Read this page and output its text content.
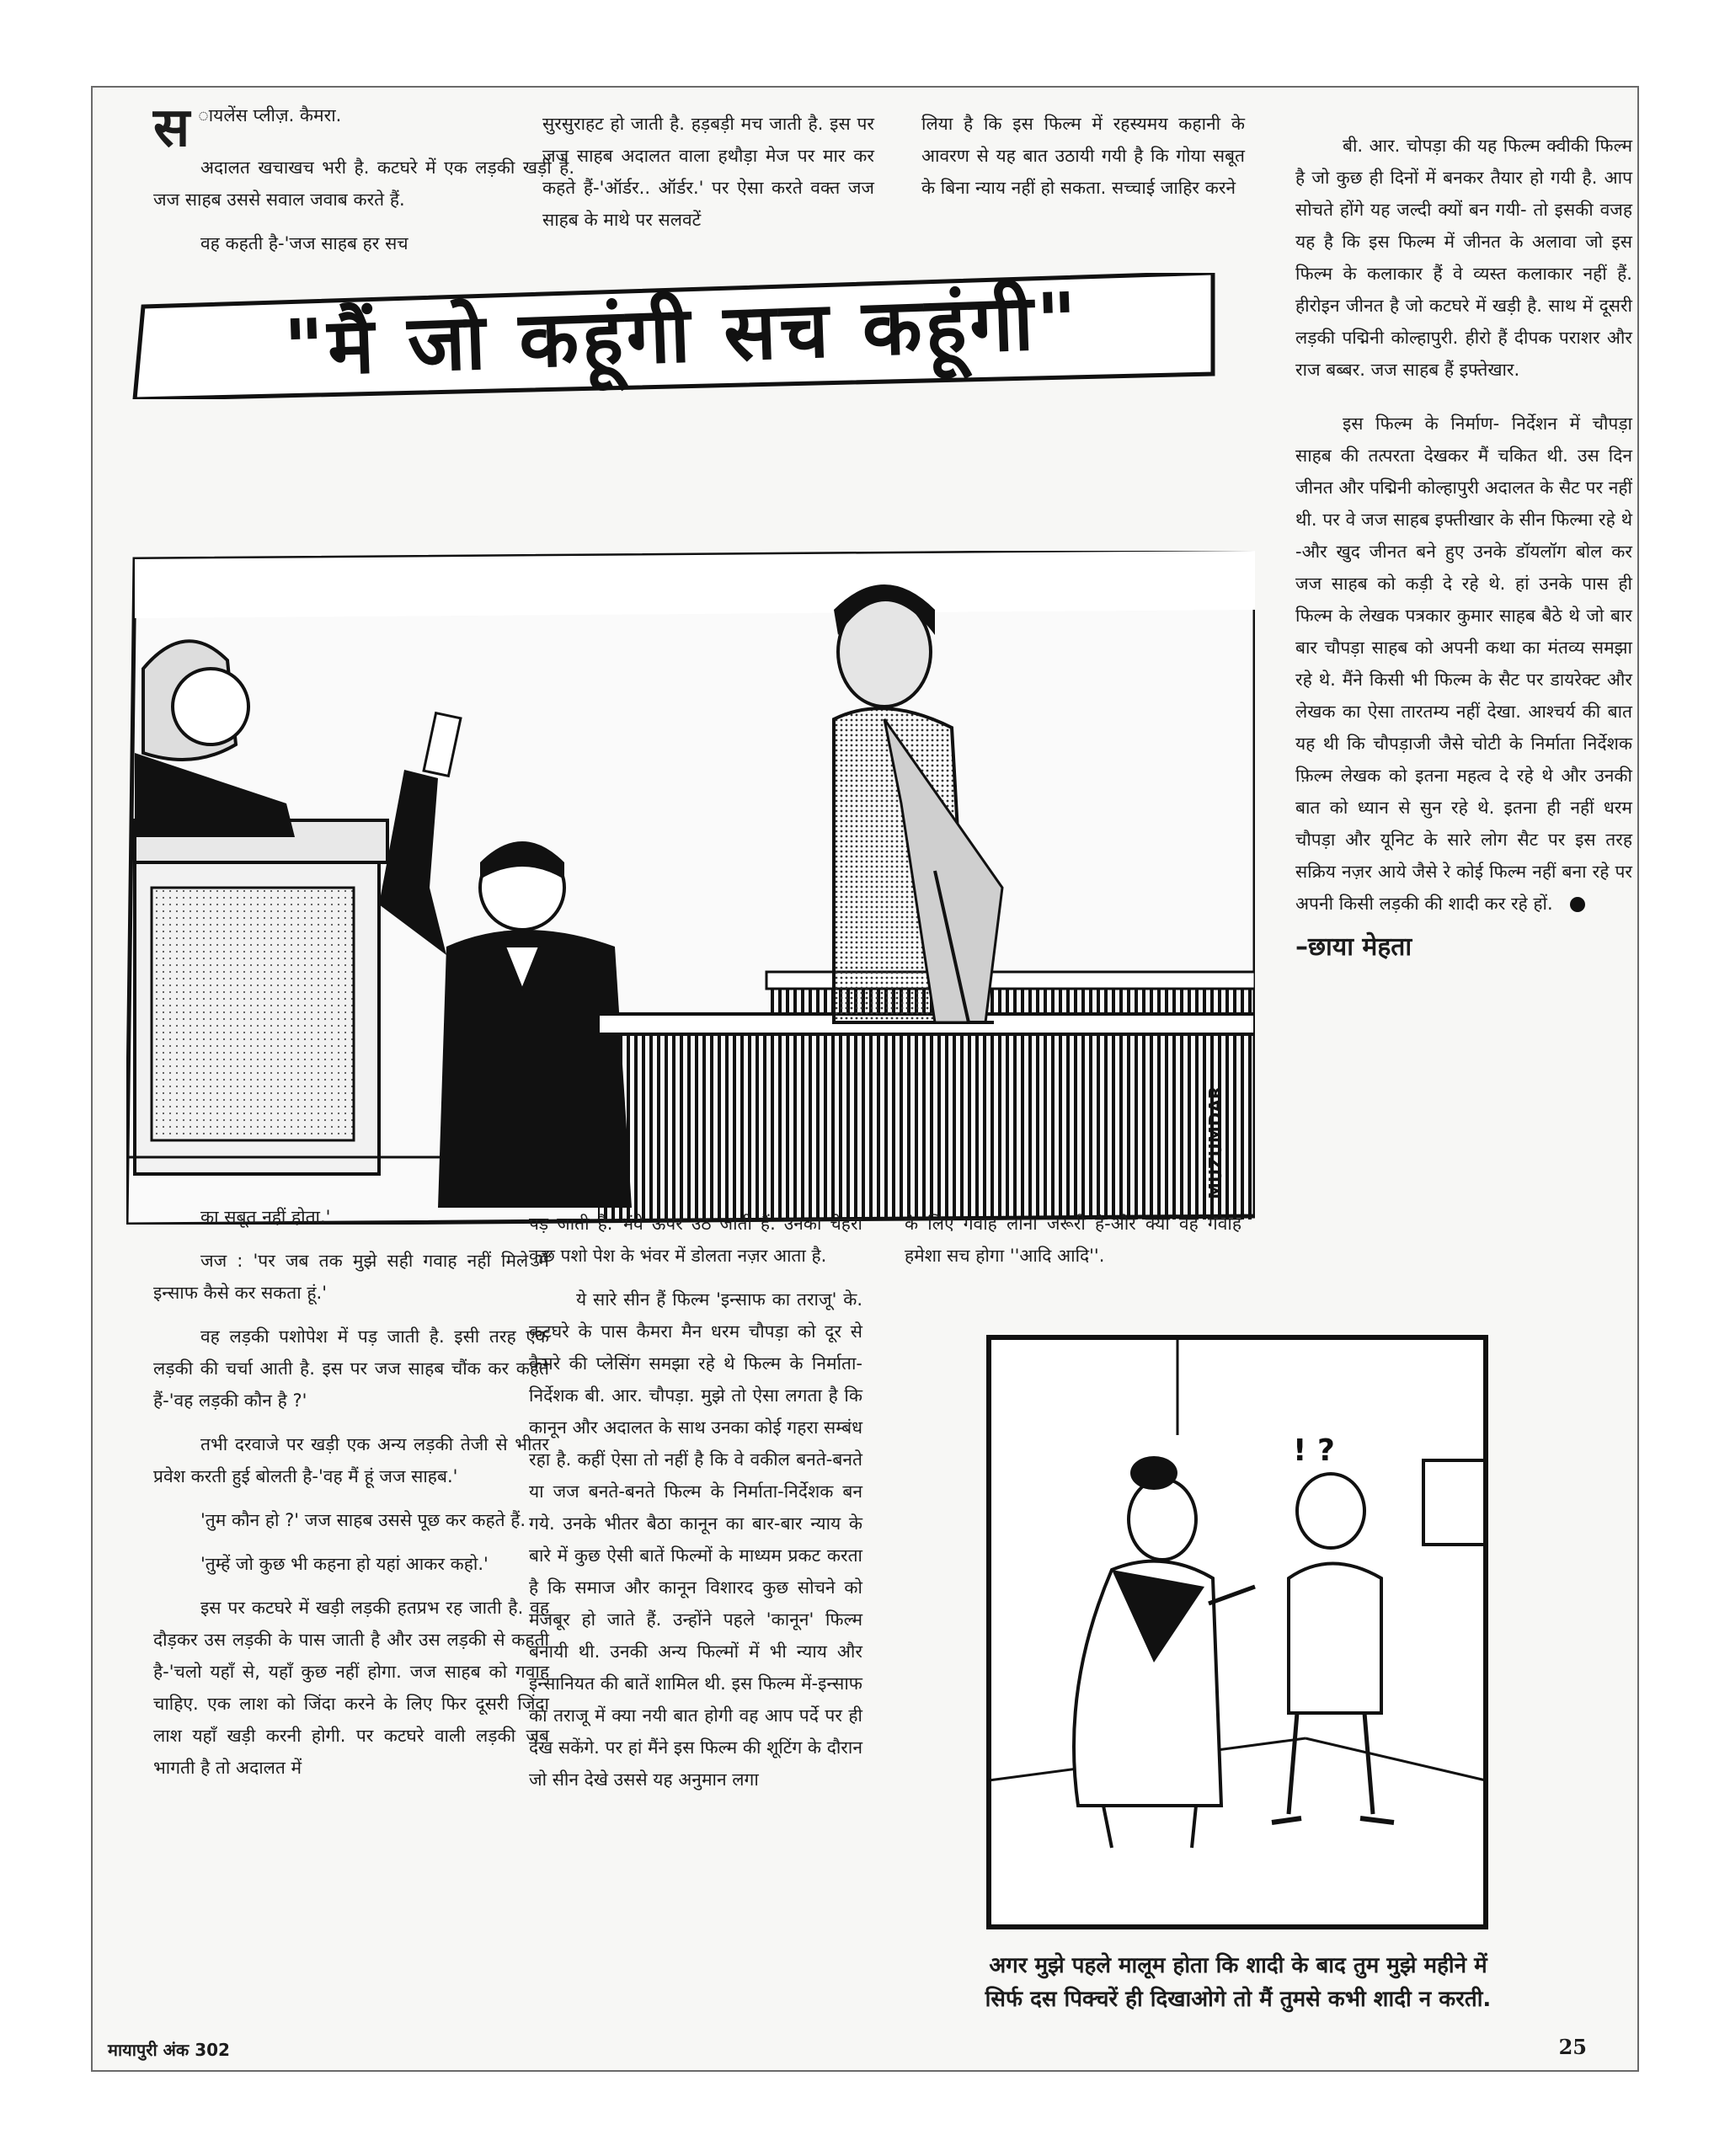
स ायलेंस प्लीज़. कैमरा.

अदालत खचाखच भरी है. कटघरे में एक लड़की खड़ी है. जज साहब उससे सवाल जवाब करते हैं.

वह कहती है-'जज साहब हर सच

सुरसुराहट हो जाती है. हड़बड़ी मच जाती है. इस पर जज साहब अदालत वाला हथौड़ा मेज पर मार कर कहते हैं-'ऑर्डर.. ऑर्डर.' पर ऐसा करते वक्त जज साहब के माथे पर सलवटें

लिया है कि इस फिल्म में रहस्यमय कहानी के आवरण से यह बात उठायी गयी है कि गोया सबूत के बिना न्याय नहीं हो सकता. सच्चाई जाहिर करने

"मैं जो कहूंगी सच कहूंगी"
MUZUMDAR

बी. आर. चोपड़ा की यह फिल्म क्वीकी फिल्म है जो कुछ ही दिनों में बनकर तैयार हो गयी है. आप सोचते होंगे यह जल्दी क्यों बन गयी- तो इसकी वजह यह है कि इस फिल्म में जीनत के अलावा जो इस फिल्म के कलाकार हैं वे व्यस्त कलाकार नहीं हैं. हीरोइन जीनत है जो कटघरे में खड़ी है. साथ में दूसरी लड़की पद्मिनी कोल्हापुरी. हीरो हैं दीपक पराशर और राज बब्बर. जज साहब हैं इफ्तेखार.

इस फिल्म के निर्माण- निर्देशन में चौपड़ा साहब की तत्परता देखकर मैं चकित थी. उस दिन जीनत और पद्मिनी कोल्हापुरी अदालत के सैट पर नहीं थी. पर वे जज साहब इफ्तीखार के सीन फिल्मा रहे थे -और खुद जीनत बने हुए उनके डॉयलॉग बोल कर जज साहब को कड़ी दे रहे थे. हां उनके पास ही फिल्म के लेखक पत्रकार कुमार साहब बैठे थे जो बार बार चौपड़ा साहब को अपनी कथा का मंतव्य समझा रहे थे. मैंने किसी भी फिल्म के सैट पर डायरेक्ट और लेखक का ऐसा तारतम्य नहीं देखा. आश्चर्य की बात यह थी कि चौपड़ाजी जैसे चोटी के निर्माता निर्देशक फ़िल्म लेखक को इतना महत्व दे रहे थे और उनकी बात को ध्यान से सुन रहे थे. इतना ही नहीं धरम चौपड़ा और यूनिट के सारे लोग सैट पर इस तरह सक्रिय नज़र आये जैसे रे कोई फिल्म नहीं बना रहे पर अपनी किसी लड़की की शादी कर रहे हों.

–छाया मेहता

का सबूत नहीं होता.'

जज : 'पर जब तक मुझे सही गवाह नहीं मिले मैं इन्साफ कैसे कर सकता हूं.'

वह लड़की पशोपेश में पड़ जाती है. इसी तरह एक लड़की की चर्चा आती है. इस पर जज साहब चौंक कर कहते हैं-'वह लड़की कौन है ?'

तभी दरवाजे पर खड़ी एक अन्य लड़की तेजी से भीतर प्रवेश करती हुई बोलती है-'वह मैं हूं जज साहब.'

'तुम कौन हो ?' जज साहब उससे पूछ कर कहते हैं.

'तुम्हें जो कुछ भी कहना हो यहां आकर कहो.'

इस पर कटघरे में खड़ी लड़की हतप्रभ रह जाती है. वह दौड़कर उस लड़की के पास जाती है और उस लड़की से कहती है-'चलो यहाँ से, यहाँ कुछ नहीं होगा. जज साहब को गवाह चाहिए. एक लाश को जिंदा करने के लिए फिर दूसरी जिंदा लाश यहाँ खड़ी करनी होगी. पर कटघरे वाली लड़की जब भागती है तो अदालत में

पड़ जाती हैं. भंवे ऊपर उठ जाती हैं. उनका चेहरा कुछ पशो पेश के भंवर में डोलता नज़र आता है.

ये सारे सीन हैं फिल्म 'इन्साफ का तराजू' के. कटघरे के पास कैमरा मैन धरम चौपड़ा को दूर से कैमरे की प्लेसिंग समझा रहे थे फिल्म के निर्माता-निर्देशक बी. आर. चौपड़ा. मुझे तो ऐसा लगता है कि कानून और अदालत के साथ उनका कोई गहरा सम्बंध रहा है. कहीं ऐसा तो नहीं है कि वे वकील बनते-बनते या जज बनते-बनते फिल्म के निर्माता-निर्देशक बन गये. उनके भीतर बैठा कानून का बार-बार न्याय के बारे में कुछ ऐसी बातें फिल्मों के माध्यम प्रकट करता है कि समाज और कानून विशारद कुछ सोचने को मजबूर हो जाते हैं. उन्होंने पहले 'कानून' फिल्म बनायी थी. उनकी अन्य फिल्मों में भी न्याय और इन्सानियत की बातें शामिल थी. इस फिल्म में-इन्साफ का तराजू में क्या नयी बात होगी वह आप पर्दे पर ही देख सकेंगे. पर हां मैंने इस फिल्म की शूटिंग के दौरान जो सीन देखे उससे यह अनुमान लगा

के लिए गवाह लाना जरूरी है-और क्या वह गवाह हमेशा सच होगा ''आदि आदि''.

! ?
अगर मुझे पहले मालूम होता कि शादी के बाद तुम मुझे महीने में सिर्फ दस पिक्चरें ही दिखाओगे तो मैं तुमसे कभी शादी न करती.
मायापुरी अंक 302	25
